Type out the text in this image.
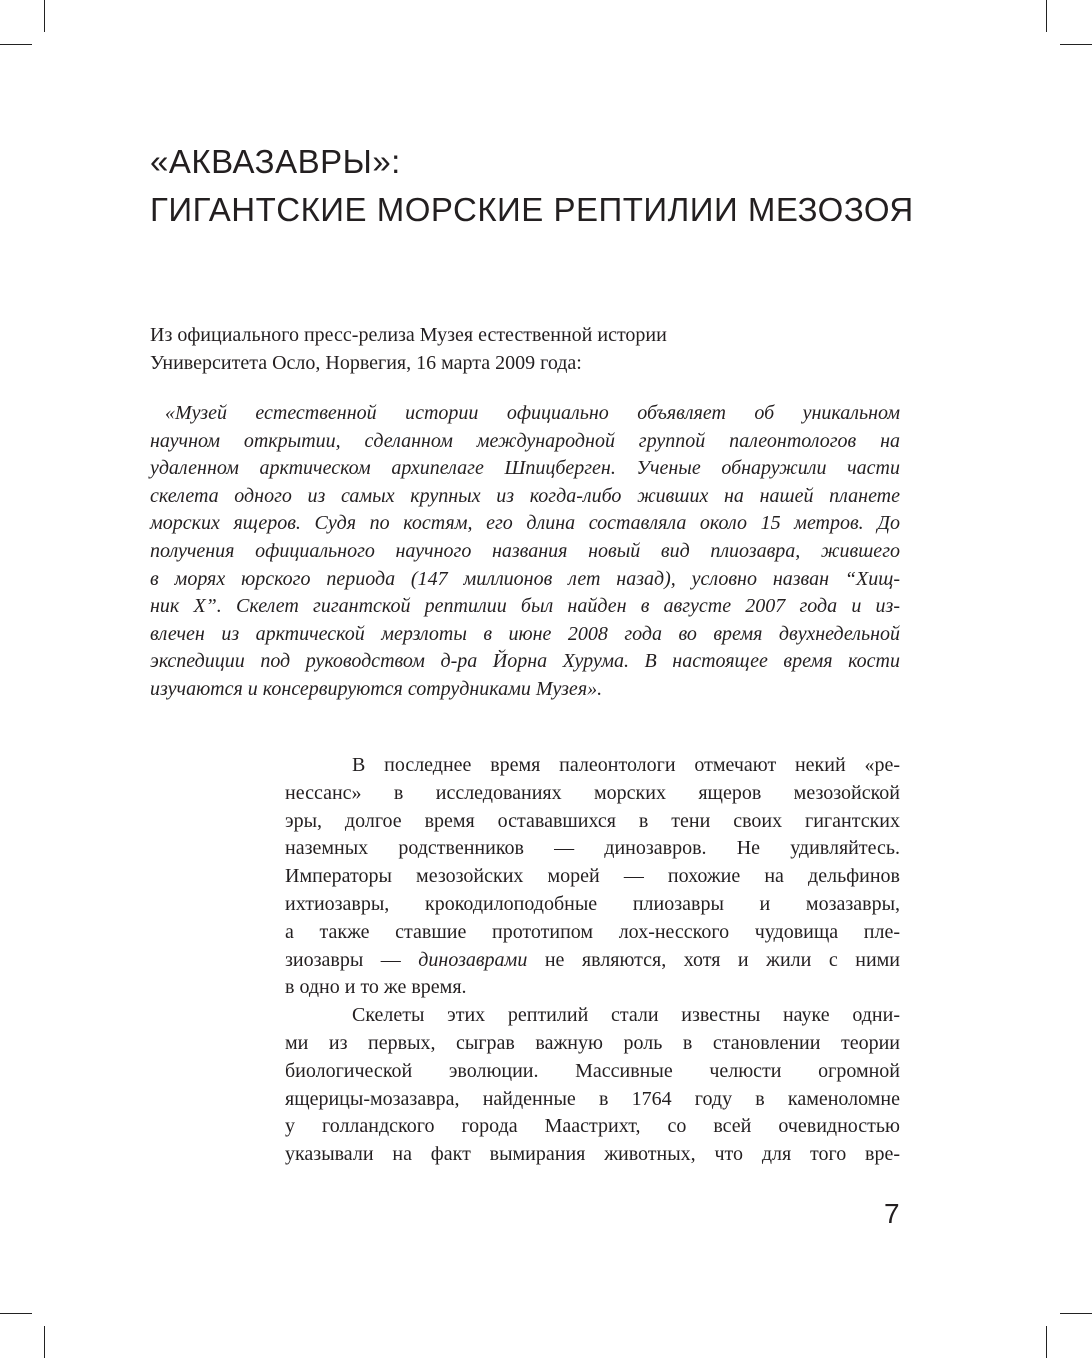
«АКВАЗАВРЫ»:
ГИГАНТСКИЕ МОРСКИЕ РЕПТИЛИИ МЕЗОЗОЯ
Из официального пресс-релиза Музея естественной истории
Университета Осло, Норвегия, 16 марта 2009 года:
«Музей естественной истории официально объявляет об уникальном
научном открытии, сделанном международной группой палеонтологов на
удаленном арктическом архипелаге Шпицберген. Ученые обнаружили части
скелета одного из самых крупных из когда-либо живших на нашей планете
морских ящеров. Судя по костям, его длина составляла около 15 метров. До
получения официального научного названия новый вид плиозавра, жившего
в морях юрского периода (147 миллионов лет назад), условно назван “Хищ-
ник X”. Скелет гигантской рептилии был найден в августе 2007 года и из-
влечен из арктической мерзлоты в июне 2008 года во время двухнедельной
экспедиции под руководством д-ра Йорна Хурума. В настоящее время кости
изучаются и консервируются сотрудниками Музея».
В последнее время палеонтологи отмечают некий «ре-
нессанс» в исследованиях морских ящеров мезозойской
эры, долгое время остававшихся в тени своих гигантских
наземных родственников — динозавров. Не удивляйтесь.
Императоры мезозойских морей — похожие на дельфинов
ихтиозавры, крокодилоподобные плиозавры и мозазавры,
а также ставшие прототипом лох-несского чудовища пле-
зиозавры — динозаврами не являются, хотя и жили с ними
в одно и то же время.
Скелеты этих рептилий стали известны науке одни-
ми из первых, сыграв важную роль в становлении теории
биологической эволюции. Массивные челюсти огромной
ящерицы-мозазавра, найденные в 1764 году в каменоломне
у голландского города Маастрихт, со всей очевидностью
указывали на факт вымирания животных, что для того вре-
7
